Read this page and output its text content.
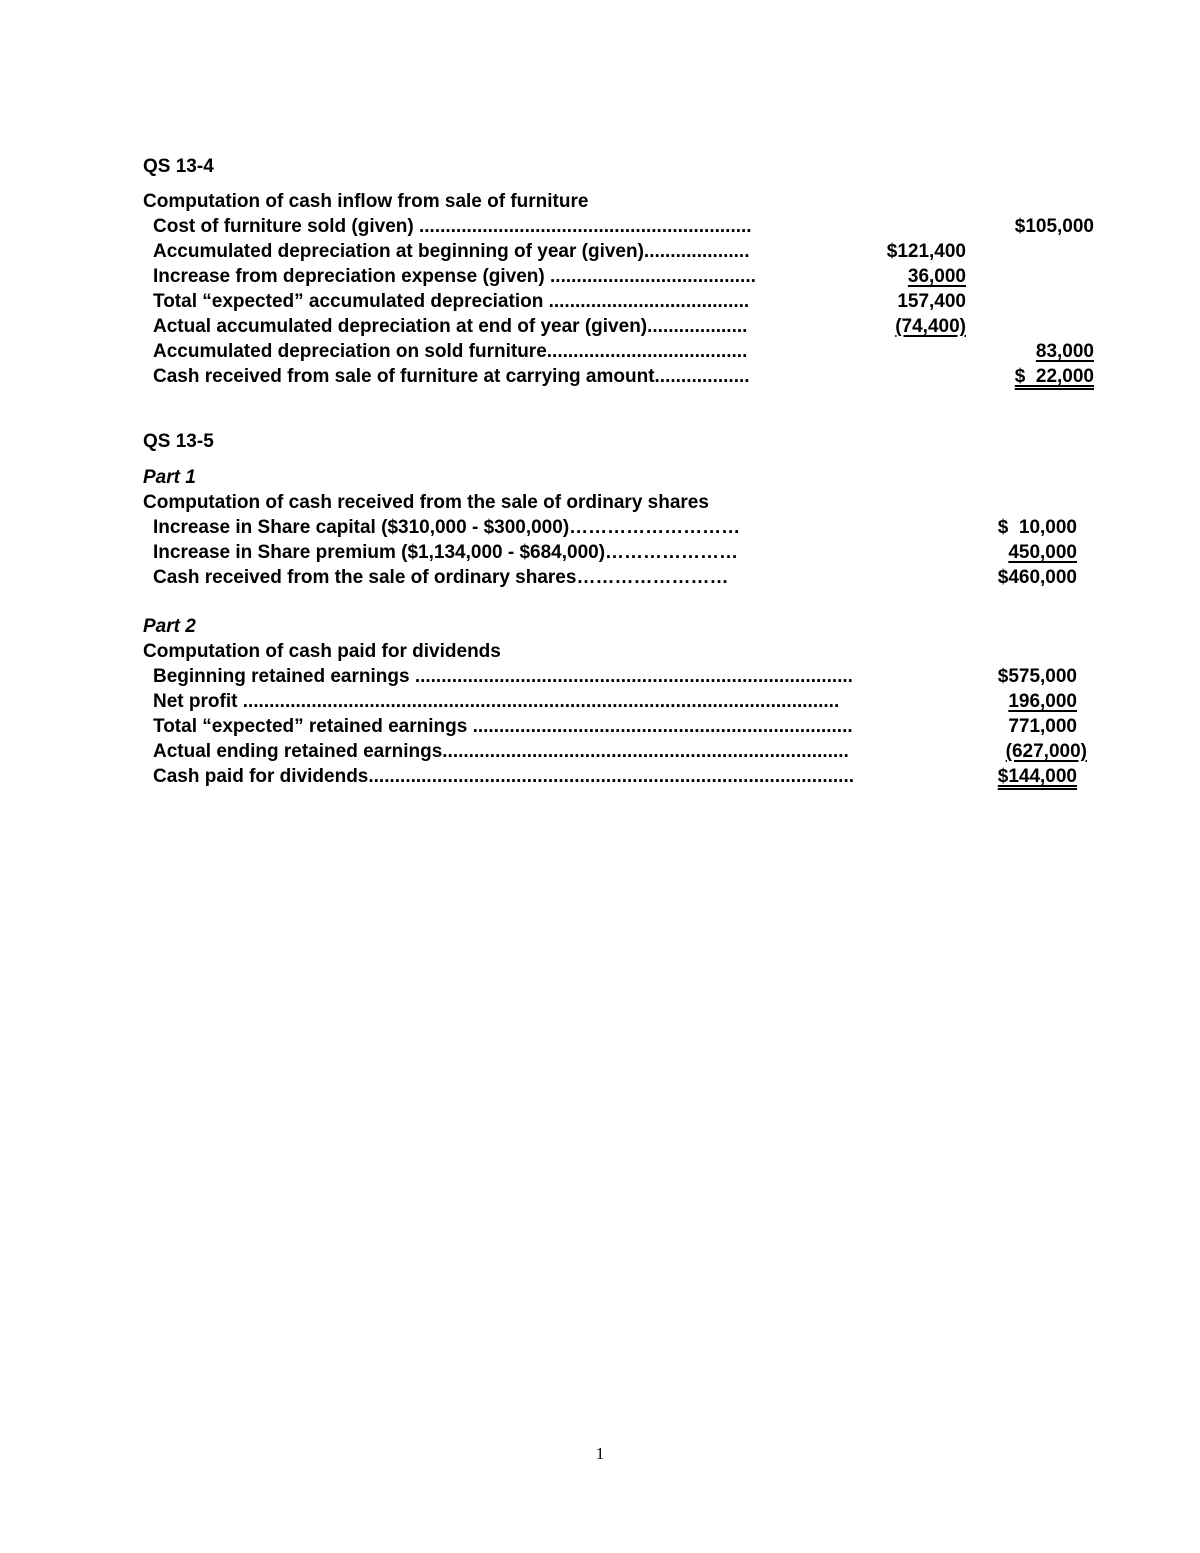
QS 13-4
Computation of cash inflow from sale of furniture
Cost of furniture sold (given) ...............................................................	$105,000
Accumulated depreciation at beginning of year (given)....................	$121,400
Increase from depreciation expense (given) .......................................	36,000
Total “expected” accumulated depreciation ......................................	157,400
Actual accumulated depreciation at end of year (given)...................	(74,400)
Accumulated depreciation on sold furniture......................................	83,000
Cash received from sale of furniture at carrying amount..................	$  22,000
QS 13-5
Part 1
Computation of cash received from the sale of ordinary shares
Increase in Share capital ($310,000 - $300,000)………………………	$  10,000
Increase in Share premium ($1,134,000 - $684,000)…………………	450,000
Cash received from the sale of ordinary shares……………………	$460,000
Part 2
Computation of cash paid for dividends
Beginning retained earnings ...................................................................................	$575,000
Net profit .................................................................................................................	196,000
Total “expected” retained earnings ........................................................................	771,000
Actual ending retained earnings.............................................................................	(627,000)
Cash paid for dividends............................................................................................	$144,000
1
